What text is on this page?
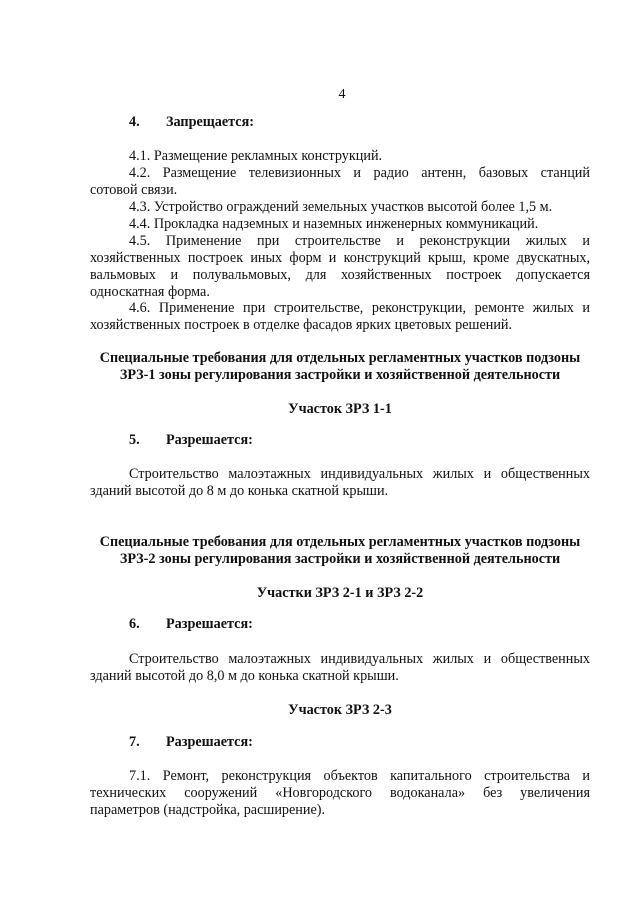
4
4. Запрещается:
4.1. Размещение рекламных конструкций.
4.2. Размещение телевизионных и радио антенн, базовых станций
сотовой связи.
4.3. Устройство ограждений земельных участков высотой более 1,5 м.
4.4. Прокладка надземных и наземных инженерных коммуникаций.
4.5. Применение при строительстве и реконструкции жилых и
хозяйственных построек иных форм и конструкций крыш, кроме двускатных,
вальмовых и полувальмовых, для хозяйственных построек допускается
односкатная форма.
4.6. Применение при строительстве, реконструкции, ремонте жилых и
хозяйственных построек в отделке фасадов ярких цветовых решений.
Специальные требования для отдельных регламентных участков подзоны
ЗРЗ-1 зоны регулирования застройки и хозяйственной деятельности
Участок ЗРЗ 1-1
5. Разрешается:
Строительство малоэтажных индивидуальных жилых и общественных
зданий высотой до 8 м до конька скатной крыши.
Специальные требования для отдельных регламентных участков подзоны
ЗРЗ-2 зоны регулирования застройки и хозяйственной деятельности
Участки ЗРЗ 2-1 и ЗРЗ 2-2
6. Разрешается:
Строительство малоэтажных индивидуальных жилых и общественных
зданий высотой до 8,0 м до конька скатной крыши.
Участок ЗРЗ 2-3
7. Разрешается:
7.1. Ремонт, реконструкция объектов капитального строительства и
технических сооружений «Новгородского водоканала» без увеличения
параметров (надстройка, расширение).
